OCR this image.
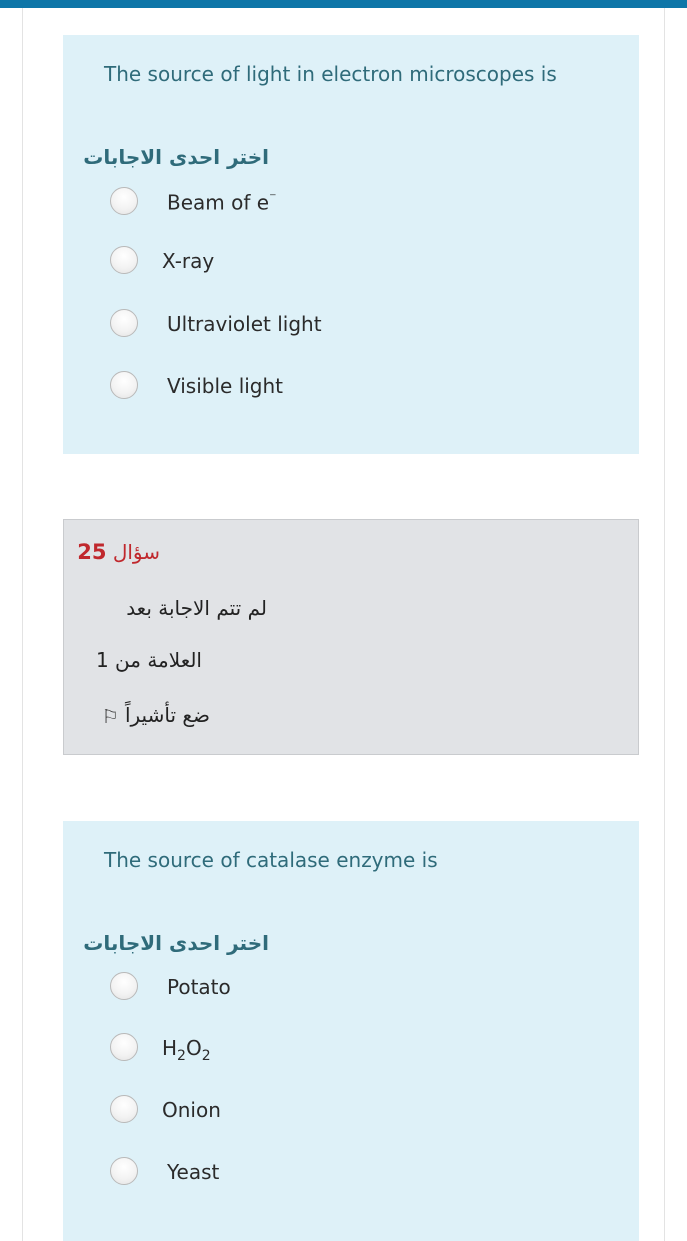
The source of light in electron microscopes is
اختر احدى الاجابات
Beam of e⁻
X-ray
Ultraviolet light
Visible light
سؤال 25
لم تتم الاجابة بعد
العلامة من 1
ضع تأشيراً ⚐
The source of catalase enzyme is
اختر احدى الاجابات
Potato
$H_2O_2$
Onion
Yeast
